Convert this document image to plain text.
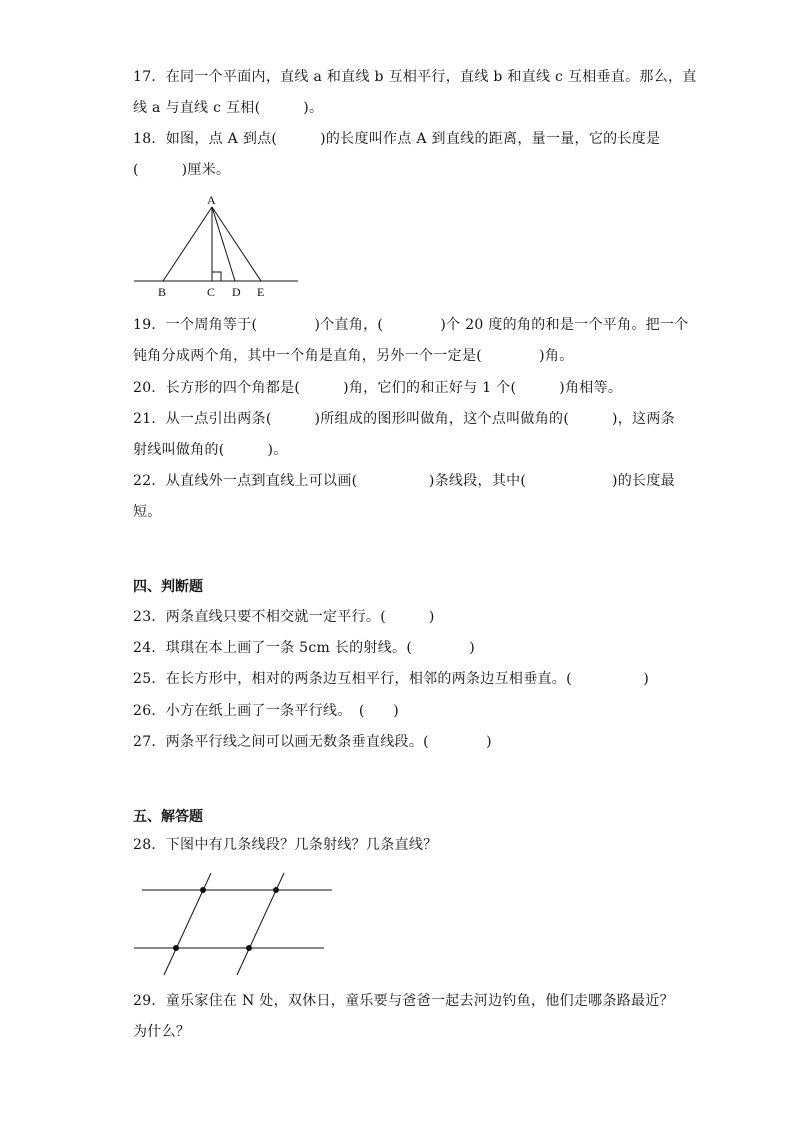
17．在同一个平面内，直线 a 和直线 b 互相平行，直线 b 和直线 c 互相垂直。那么，直
线 a 与直线 c 互相(　　　)。
18．如图，点 A 到点(　　　)的长度叫作点 A 到直线的距离，量一量，它的长度是
(　　　)厘米。
A
B	C D E
19．一个周角等于(　　　　)个直角，(　　　　)个 20 度的角的和是一个平角。把一个
钝角分成两个角，其中一个角是直角，另外一个一定是(　　　　)角。
20．长方形的四个角都是(　　　)角，它们的和正好与 1 个(　　　)角相等。
21．从一点引出两条(　　　)所组成的图形叫做角，这个点叫做角的(　　　)，这两条
射线叫做角的(　　　)。
22．从直线外一点到直线上可以画(　　　　　)条线段，其中(　　　　　　)的长度最
短。
四、判断题
23．两条直线只要不相交就一定平行。(　　　)
24．琪琪在本上画了一条 5cm 长的射线。(　　　　)
25．在长方形中，相对的两条边互相平行，相邻的两条边互相垂直。(　　　　　)
26．小方在纸上画了一条平行线。　(　　)
27．两条平行线之间可以画无数条垂直线段。(　　　　)
五、解答题
28．下图中有几条线段？几条射线？几条直线？
29．童乐家住在 N 处，双休日，童乐要与爸爸一起去河边钓鱼，他们走哪条路最近？
为什么？
